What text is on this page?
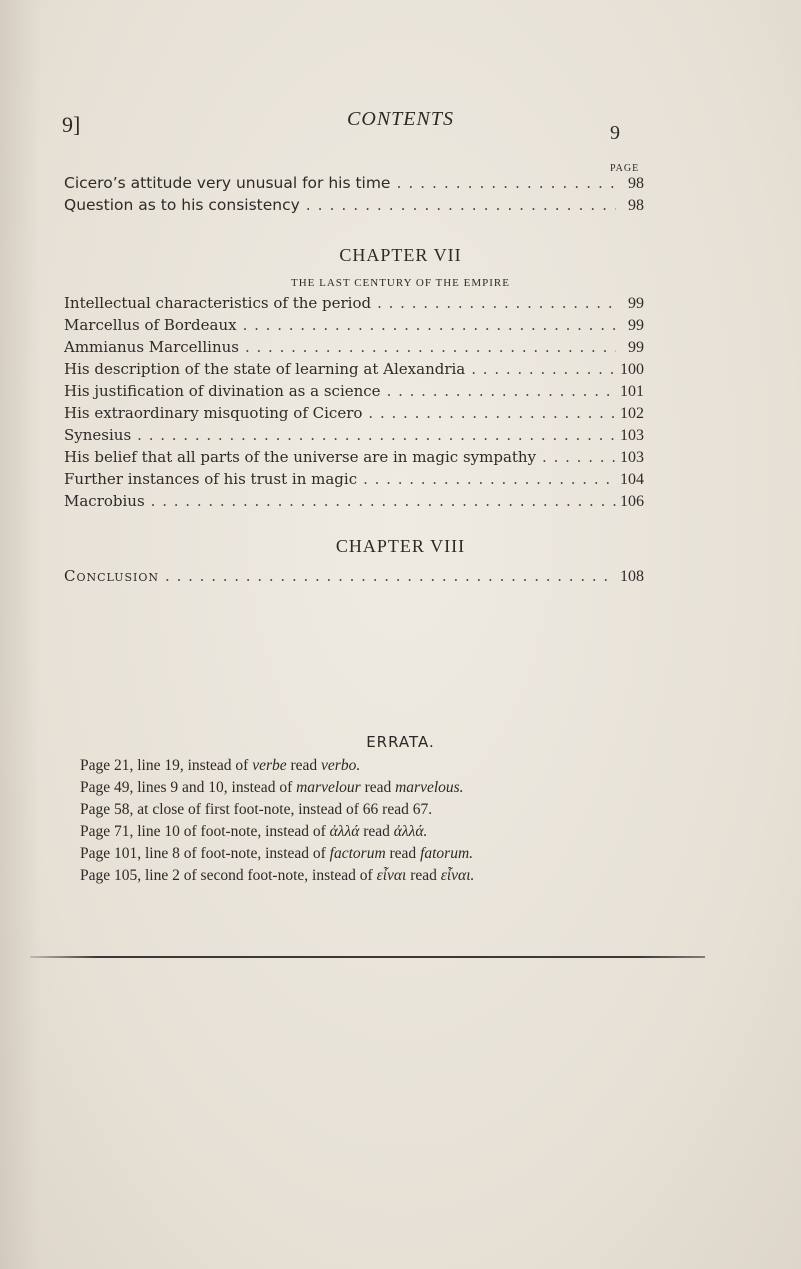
9]	CONTENTS
9
PAGE
Cicero’s attitude very unusual for his time . . .	98
Question as to his consistency . . .	98
CHAPTER VII
THE LAST CENTURY OF THE EMPIRE
Intellectual characteristics of the period . . .	99
Marcellus of Bordeaux . . .	99
Ammianus Marcellinus . . .	99
His description of the state of learning at Alexandria . . .	100
His justification of divination as a science . . .	101
His extraordinary misquoting of Cicero . . .	102
Synesius . . .	103
His belief that all parts of the universe are in magic sympathy . . .	103
Further instances of his trust in magic . . .	104
Macrobius . . .	106
CHAPTER VIII
Conclusion . . .	108
ERRATA.
Page 21, line 19, instead of verbe read verbo.
Page 49, lines 9 and 10, instead of marvelour read marvelous.
Page 58, at close of first foot-note, instead of 66 read 67.
Page 71, line 10 of foot-note, instead of ἀλλά read ἀλλά.
Page 101, line 8 of foot-note, instead of factorum read fatorum.
Page 105, line 2 of second foot-note, instead of εἶναι read εἶναι.
